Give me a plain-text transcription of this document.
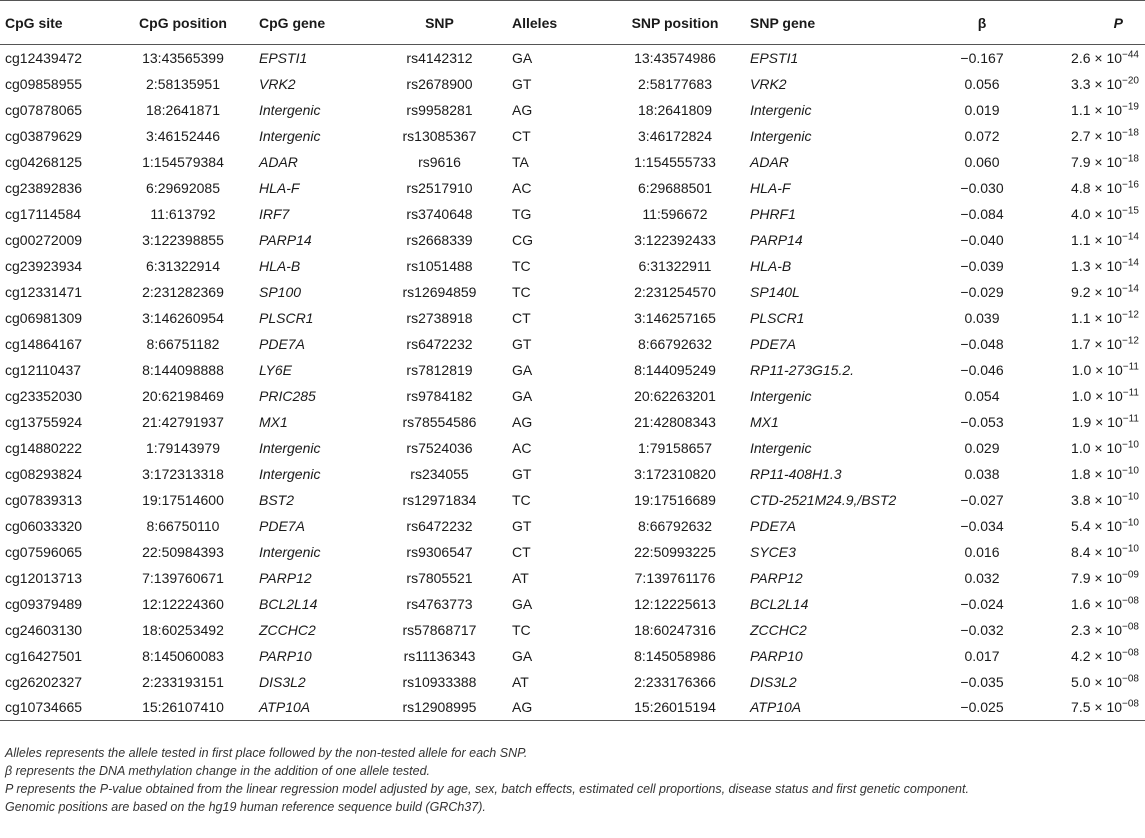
CpG site	CpG position	CpG gene	SNP	Alleles	SNP position	SNP gene	β	P
cg12439472	13:43565399	EPSTI1	rs4142312	GA	13:43574986	EPSTI1	−0.167	$2.6 \times 10^{-44}$
cg09858955	2:58135951	VRK2	rs2678900	GT	2:58177683	VRK2	0.056	$3.3 \times 10^{-20}$
cg07878065	18:2641871	Intergenic	rs9958281	AG	18:2641809	Intergenic	0.019	$1.1 \times 10^{-19}$
cg03879629	3:46152446	Intergenic	rs13085367	CT	3:46172824	Intergenic	0.072	$2.7 \times 10^{-18}$
cg04268125	1:154579384	ADAR	rs9616	TA	1:154555733	ADAR	0.060	$7.9 \times 10^{-18}$
cg23892836	6:29692085	HLA-F	rs2517910	AC	6:29688501	HLA-F	−0.030	$4.8 \times 10^{-16}$
cg17114584	11:613792	IRF7	rs3740648	TG	11:596672	PHRF1	−0.084	$4.0 \times 10^{-15}$
cg00272009	3:122398855	PARP14	rs2668339	CG	3:122392433	PARP14	−0.040	$1.1 \times 10^{-14}$
cg23923934	6:31322914	HLA-B	rs1051488	TC	6:31322911	HLA-B	−0.039	$1.3 \times 10^{-14}$
cg12331471	2:231282369	SP100	rs12694859	TC	2:231254570	SP140L	−0.029	$9.2 \times 10^{-14}$
cg06981309	3:146260954	PLSCR1	rs2738918	CT	3:146257165	PLSCR1	0.039	$1.1 \times 10^{-12}$
cg14864167	8:66751182	PDE7A	rs6472232	GT	8:66792632	PDE7A	−0.048	$1.7 \times 10^{-12}$
cg12110437	8:144098888	LY6E	rs7812819	GA	8:144095249	RP11-273G15.2.	−0.046	$1.0 \times 10^{-11}$
cg23352030	20:62198469	PRIC285	rs9784182	GA	20:62263201	Intergenic	0.054	$1.0 \times 10^{-11}$
cg13755924	21:42791937	MX1	rs78554586	AG	21:42808343	MX1	−0.053	$1.9 \times 10^{-11}$
cg14880222	1:79143979	Intergenic	rs7524036	AC	1:79158657	Intergenic	0.029	$1.0 \times 10^{-10}$
cg08293824	3:172313318	Intergenic	rs234055	GT	3:172310820	RP11-408H1.3	0.038	$1.8 \times 10^{-10}$
cg07839313	19:17514600	BST2	rs12971834	TC	19:17516689	CTD-2521M24.9,/BST2	−0.027	$3.8 \times 10^{-10}$
cg06033320	8:66750110	PDE7A	rs6472232	GT	8:66792632	PDE7A	−0.034	$5.4 \times 10^{-10}$
cg07596065	22:50984393	Intergenic	rs9306547	CT	22:50993225	SYCE3	0.016	$8.4 \times 10^{-10}$
cg12013713	7:139760671	PARP12	rs7805521	AT	7:139761176	PARP12	0.032	$7.9 \times 10^{-09}$
cg09379489	12:12224360	BCL2L14	rs4763773	GA	12:12225613	BCL2L14	−0.024	$1.6 \times 10^{-08}$
cg24603130	18:60253492	ZCCHC2	rs57868717	TC	18:60247316	ZCCHC2	−0.032	$2.3 \times 10^{-08}$
cg16427501	8:145060083	PARP10	rs11136343	GA	8:145058986	PARP10	0.017	$4.2 \times 10^{-08}$
cg26202327	2:233193151	DIS3L2	rs10933388	AT	2:233176366	DIS3L2	−0.035	$5.0 \times 10^{-08}$
cg10734665	15:26107410	ATP10A	rs12908995	AG	15:26015194	ATP10A	−0.025	$7.5 \times 10^{-08}$
Alleles represents the allele tested in first place followed by the non-tested allele for each SNP.
β represents the DNA methylation change in the addition of one allele tested.
P represents the P-value obtained from the linear regression model adjusted by age, sex, batch effects, estimated cell proportions, disease status and first genetic component.
Genomic positions are based on the hg19 human reference sequence build (GRCh37).
